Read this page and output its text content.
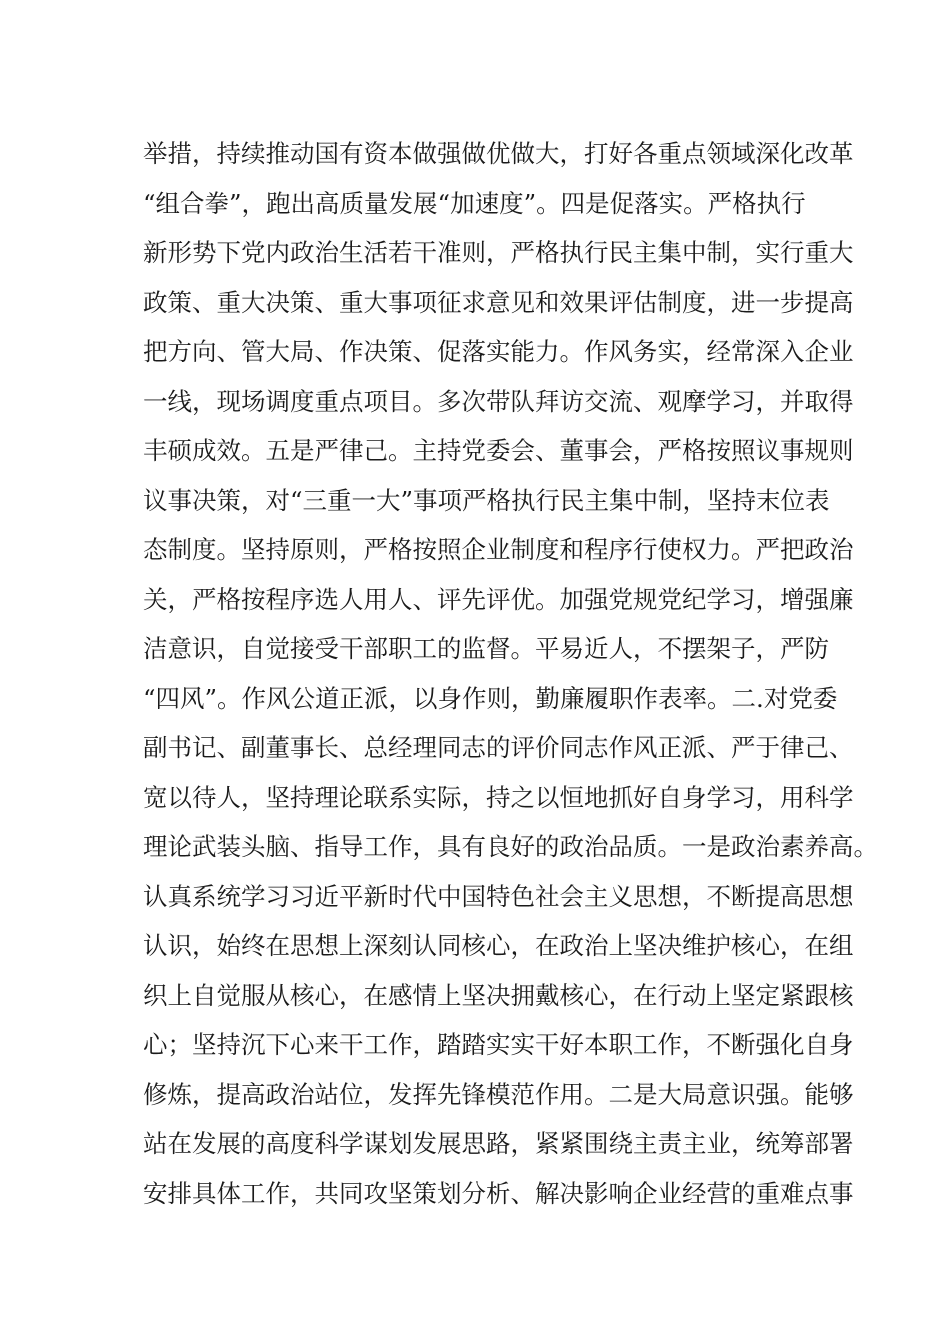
举措，持续推动国有资本做强做优做大，打好各重点领域深化改革
“组合拳”，跑出高质量发展“加速度”。四是促落实。严格执行
新形势下党内政治生活若干准则，严格执行民主集中制，实行重大
政策、重大决策、重大事项征求意见和效果评估制度，进一步提高
把方向、管大局、作决策、促落实能力。作风务实，经常深入企业
一线，现场调度重点项目。多次带队拜访交流、观摩学习，并取得
丰硕成效。五是严律己。主持党委会、董事会，严格按照议事规则
议事决策，对“三重一大”事项严格执行民主集中制，坚持末位表
态制度。坚持原则，严格按照企业制度和程序行使权力。严把政治
关，严格按程序选人用人、评先评优。加强党规党纪学习，增强廉
洁意识，自觉接受干部职工的监督。平易近人，不摆架子，严防
“四风”。作风公道正派，以身作则，勤廉履职作表率。二.对党委
副书记、副董事长、总经理同志的评价同志作风正派、严于律己、
宽以待人，坚持理论联系实际，持之以恒地抓好自身学习，用科学
理论武装头脑、指导工作，具有良好的政治品质。一是政治素养高。
认真系统学习习近平新时代中国特色社会主义思想，不断提高思想
认识，始终在思想上深刻认同核心，在政治上坚决维护核心，在组
织上自觉服从核心，在感情上坚决拥戴核心，在行动上坚定紧跟核
心；坚持沉下心来干工作，踏踏实实干好本职工作，不断强化自身
修炼，提高政治站位，发挥先锋模范作用。二是大局意识强。能够
站在发展的高度科学谋划发展思路，紧紧围绕主责主业，统筹部署
安排具体工作，共同攻坚策划分析、解决影响企业经营的重难点事
